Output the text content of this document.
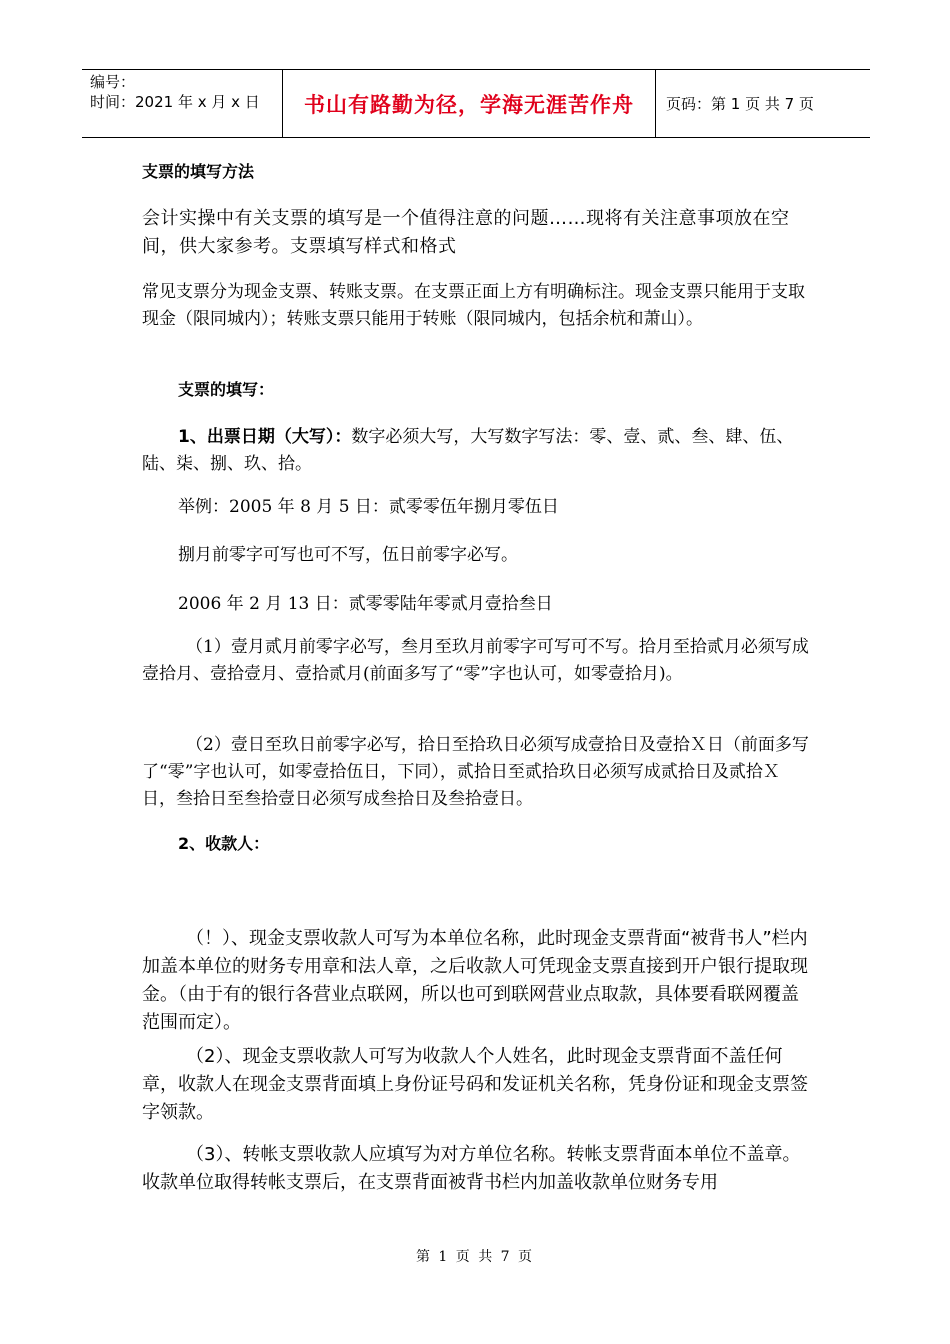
编号：
时间：2021 年 x 月 x 日	书山有路勤为径，学海无涯苦作舟	页码：第 1 页 共 7 页

支票的填写方法

会计实操中有关支票的填写是一个值得注意的问题……现将有关注意事项放在空间，供大家参考。支票填写样式和格式

常见支票分为现金支票、转账支票。在支票正面上方有明确标注。现金支票只能用于支取现金（限同城内）；转账支票只能用于转账（限同城内，包括余杭和萧山）。

支票的填写：

1、出票日期（大写）：数字必须大写，大写数字写法：零、壹、贰、叁、肆、伍、陆、柒、捌、玖、拾。

举例：2005 年 8 月 5 日：贰零零伍年捌月零伍日

捌月前零字可写也可不写，伍日前零字必写。

2006 年 2 月 13 日：贰零零陆年零贰月壹拾叁日

（1）壹月贰月前零字必写，叁月至玖月前零字可写可不写。拾月至拾贰月必须写成壹拾月、壹拾壹月、壹拾贰月(前面多写了“零”字也认可，如零壹拾月)。

（2）壹日至玖日前零字必写，拾日至拾玖日必须写成壹拾日及壹拾Ｘ日（前面多写了“零”字也认可，如零壹拾伍日，下同），贰拾日至贰拾玖日必须写成贰拾日及贰拾Ｘ日，叁拾日至叁拾壹日必须写成叁拾日及叁拾壹日。

2、收款人：

（！）、现金支票收款人可写为本单位名称，此时现金支票背面“被背书人”栏内加盖本单位的财务专用章和法人章，之后收款人可凭现金支票直接到开户银行提取现金。（由于有的银行各营业点联网，所以也可到联网营业点取款，具体要看联网覆盖范围而定）。

（2）、现金支票收款人可写为收款人个人姓名，此时现金支票背面不盖任何章，收款人在现金支票背面填上身份证号码和发证机关名称，凭身份证和现金支票签字领款。

（3）、转帐支票收款人应填写为对方单位名称。转帐支票背面本单位不盖章。收款单位取得转帐支票后，在支票背面被背书栏内加盖收款单位财务专用

第 1 页 共 7 页
